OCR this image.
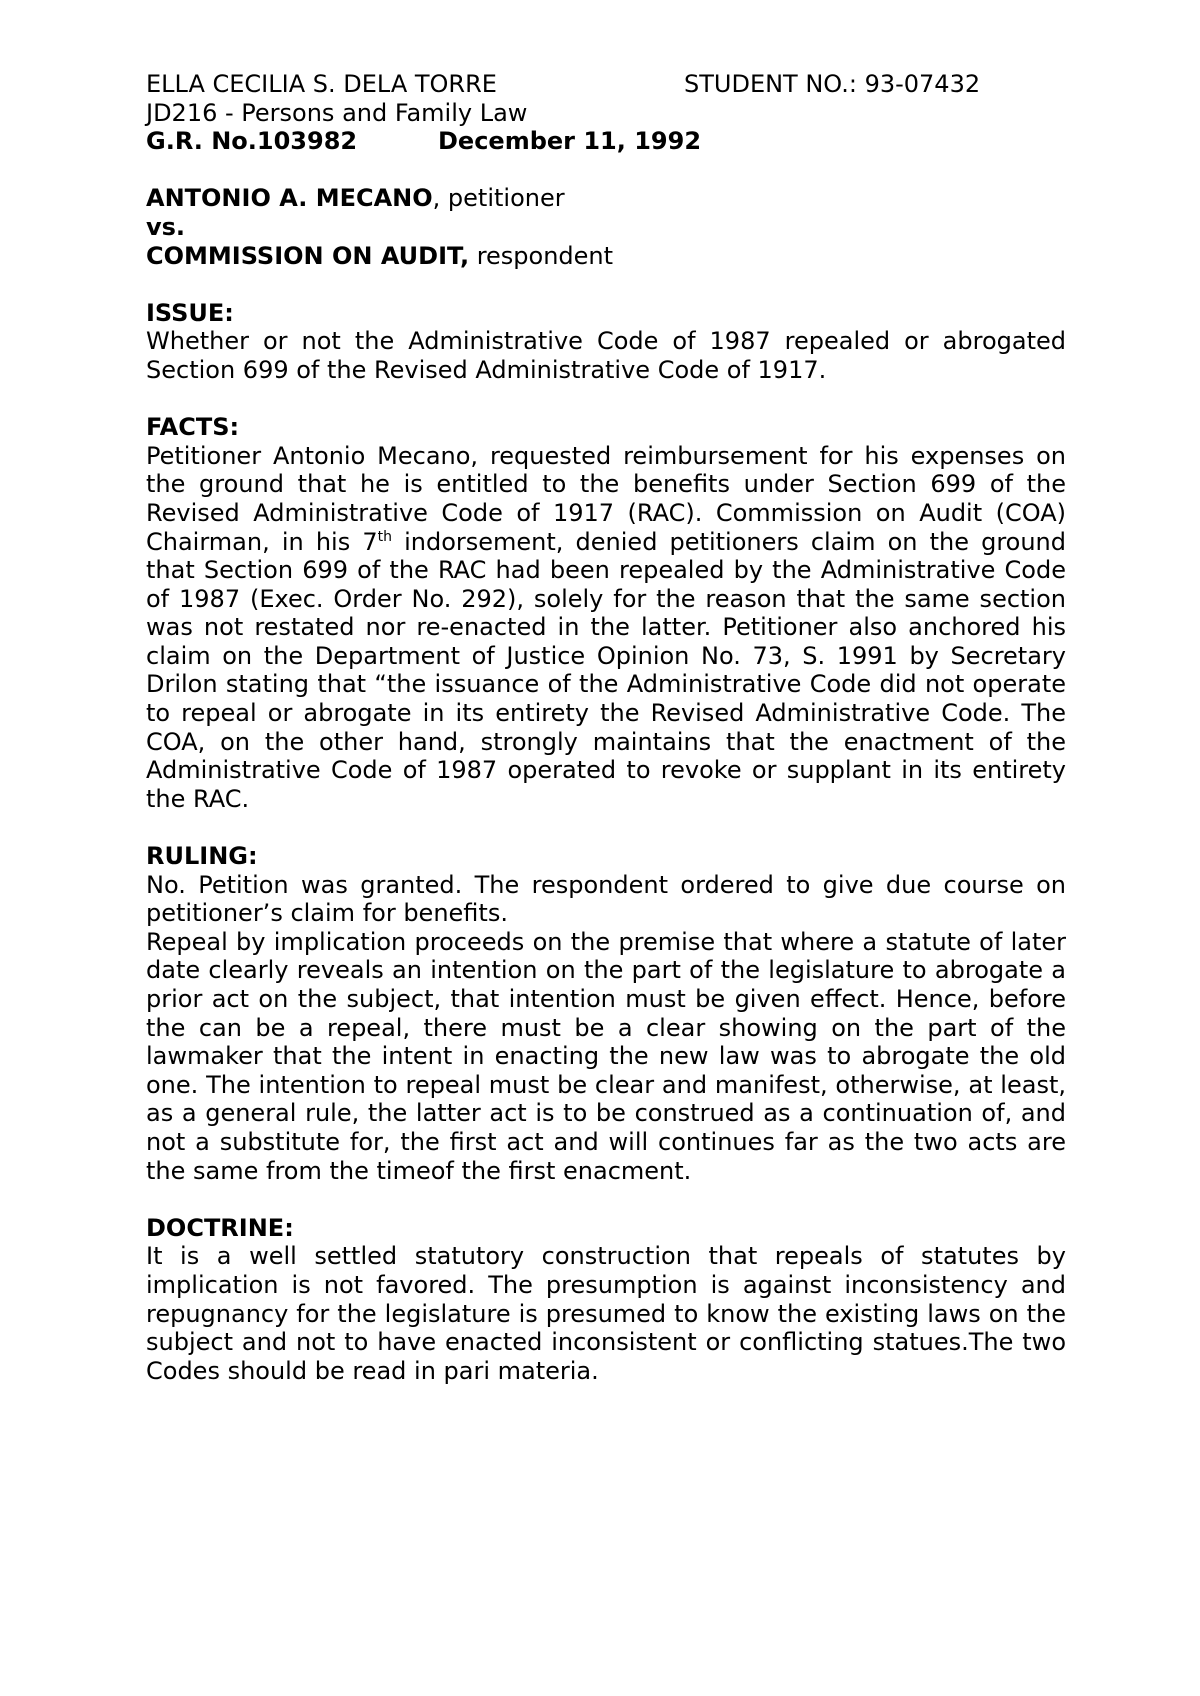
ELLA CECILIA S. DELA TORRE	STUDENT NO.: 93-07432
JD216 - Persons and Family Law
G.R. No.103982	December 11, 1992
ANTONIO A. MECANO, petitioner
vs.
COMMISSION ON AUDIT, respondent
ISSUE:

Whether or not the Administrative Code of 1987 repealed or abrogated Section 699 of the Revised Administrative Code of 1917.

FACTS:

Petitioner Antonio Mecano, requested reimbursement for his expenses on the ground that he is entitled to the benefits under Section 699 of the Revised Administrative Code of 1917 (RAC). Commission on Audit (COA) Chairman, in his 7th indorsement, denied petitioners claim on the ground that Section 699 of the RAC had been repealed by the Administrative Code of 1987 (Exec. Order No. 292), solely for the reason that the same section was not restated nor re-enacted in the latter. Petitioner also anchored his claim on the Department of Justice Opinion No. 73, S. 1991 by Secretary Drilon stating that “the issuance of the Administrative Code did not operate to repeal or abrogate in its entirety the Revised Administrative Code. The COA, on the other hand, strongly maintains that the enactment of the Administrative Code of 1987 operated to revoke or supplant in its entirety the RAC.

RULING:

No. Petition was granted. The respondent ordered to give due course on petitioner’s claim for benefits.

Repeal by implication proceeds on the premise that where a statute of later date clearly reveals an intention on the part of the legislature to abrogate a prior act on the subject, that intention must be given effect. Hence, before the can be a repeal, there must be a clear showing on the part of the lawmaker that the intent in enacting the new law was to abrogate the old one. The intention to repeal must be clear and manifest, otherwise, at least, as a general rule, the latter act is to be construed as a continuation of, and not a substitute for, the first act and will continues far as the two acts are the same from the timeof the first enacment.

DOCTRINE:

It is a well settled statutory construction that repeals of statutes by implication is not favored. The presumption is against inconsistency and repugnancy for the legislature is presumed to know the existing laws on the subject and not to have enacted inconsistent or conflicting statues.The two Codes should be read in pari materia.
